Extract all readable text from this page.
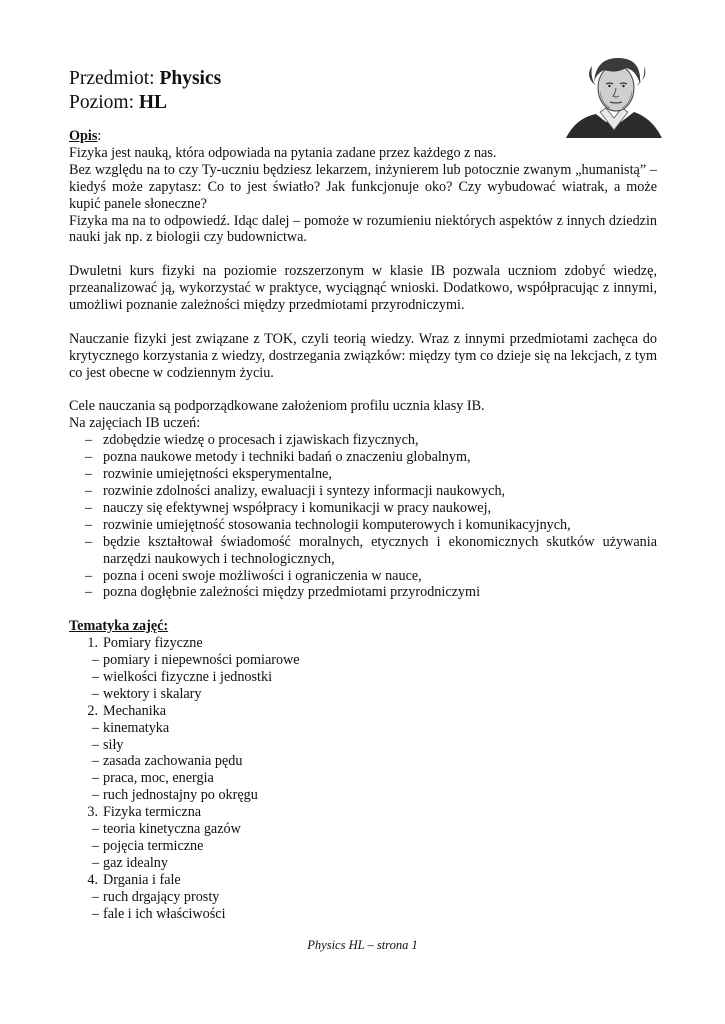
Przedmiot: Physics
Poziom: HL

Opis:

Fizyka jest nauką, która odpowiada na pytania zadane przez każdego z nas.

Bez względu na to czy Ty-uczniu będziesz lekarzem, inżynierem lub potocznie zwanym „humanistą” – kiedyś może zapytasz: Co to jest światło? Jak funkcjonuje oko? Czy wybudować wiatrak, a może kupić panele słoneczne?

Fizyka ma na to odpowiedź. Idąc dalej – pomoże w rozumieniu niektórych aspektów z innych dziedzin nauki jak np. z biologii czy budownictwa.

Dwuletni kurs fizyki na poziomie rozszerzonym w klasie IB pozwala uczniom zdobyć wiedzę, przeanalizować ją, wykorzystać w praktyce, wyciągnąć wnioski. Dodatkowo, współpracując z innymi, umożliwi poznanie zależności między przedmiotami przyrodniczymi.

Nauczanie fizyki jest związane z TOK, czyli teorią wiedzy. Wraz z innymi przedmiotami zachęca do krytycznego korzystania z wiedzy, dostrzegania związków: między tym co dzieje się na lekcjach, z tym co jest obecne w codziennym życiu.

Cele nauczania są podporządkowane założeniom profilu ucznia klasy IB.

Na zajęciach IB uczeń:

– zdobędzie wiedzę o procesach i zjawiskach fizycznych,
– pozna naukowe metody i techniki badań o znaczeniu globalnym,
– rozwinie umiejętności eksperymentalne,
– rozwinie zdolności analizy, ewaluacji i syntezy informacji naukowych,
– nauczy się efektywnej współpracy i komunikacji w pracy naukowej,
– rozwinie umiejętność stosowania technologii komputerowych i komunikacyjnych,
– będzie kształtował świadomość moralnych, etycznych i ekonomicznych skutków używania narzędzi naukowych i technologicznych,
– pozna i oceni swoje możliwości i ograniczenia w nauce,
– pozna dogłębnie zależności między przedmiotami przyrodniczymi

Tematyka zajęć:

1. Pomiary fizyczne
– pomiary i niepewności pomiarowe
– wielkości fizyczne i jednostki
– wektory i skalary
2. Mechanika
– kinematyka
– siły
– zasada zachowania pędu
– praca, moc, energia
– ruch jednostajny po okręgu
3. Fizyka termiczna
– teoria kinetyczna gazów
– pojęcia termiczne
– gaz idealny
4. Drgania i fale
– ruch drgający prosty
– fale i ich właściwości
Physics HL – strona 1
